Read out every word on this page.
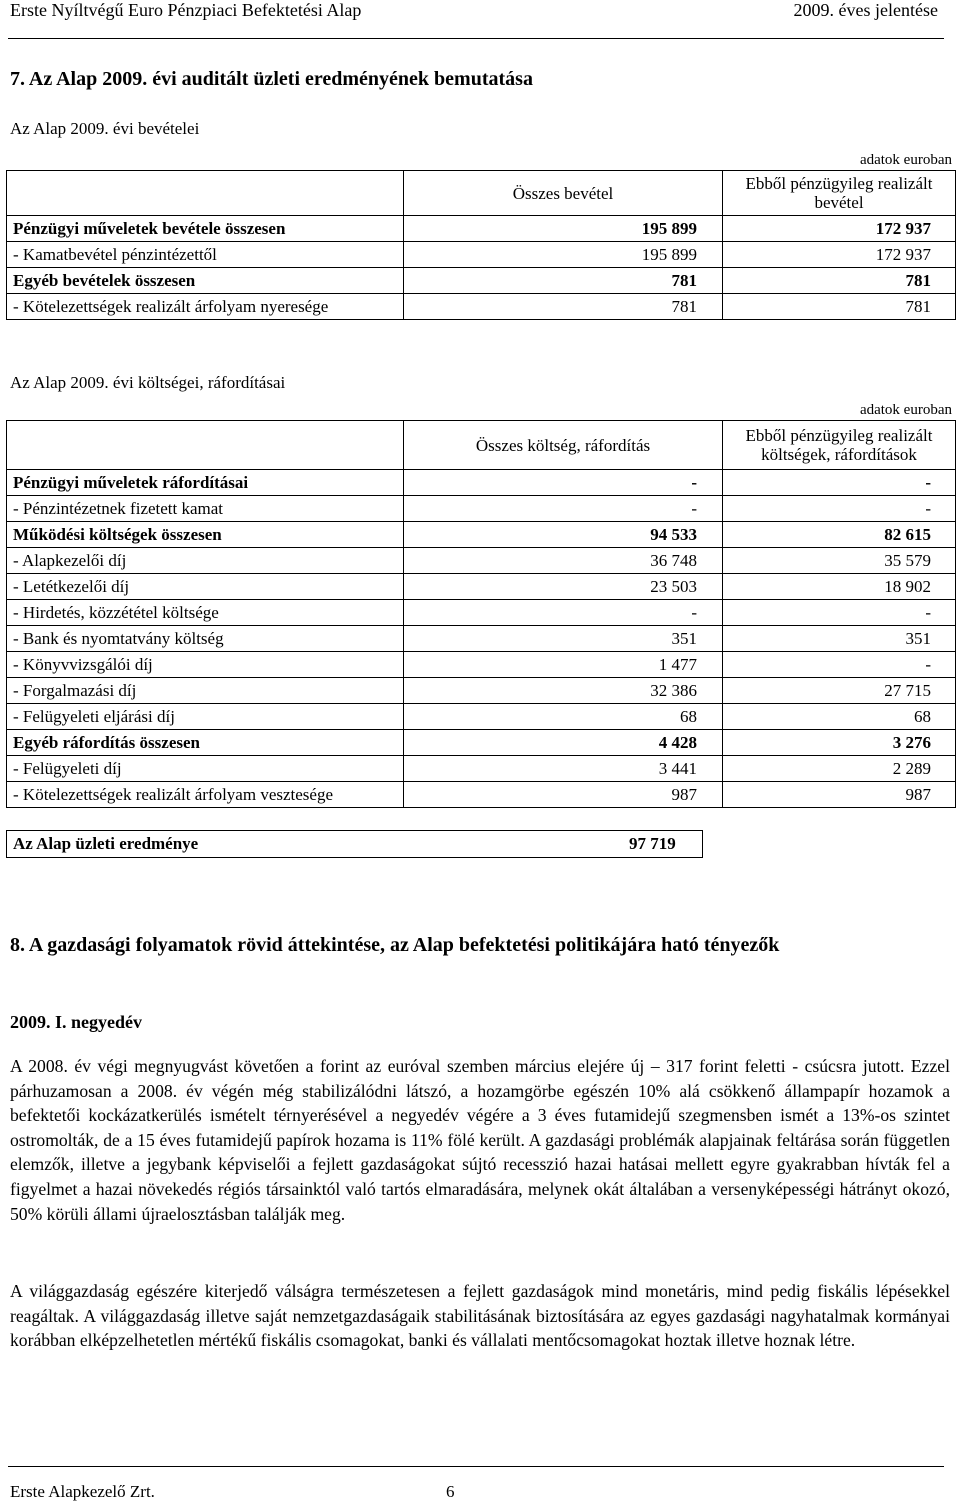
Erste Nyíltvégű Euro Pénzpiaci Befektetési Alap	2009. éves jelentése
7. Az Alap 2009. évi auditált üzleti eredményének bemutatása
Az Alap 2009. évi bevételei
adatok euroban
	Összes bevétel	Ebből pénzügyileg realizált bevétel
Pénzügyi műveletek bevétele összesen	195 899	172 937
- Kamatbevétel pénzintézettől	195 899	172 937
Egyéb bevételek összesen	781	781
- Kötelezettségek realizált árfolyam nyeresége	781	781
Az Alap 2009. évi költségei, ráfordításai
adatok euroban
	Összes költség, ráfordítás	Ebből pénzügyileg realizált költségek, ráfordítások
Pénzügyi műveletek ráfordításai	-	-
- Pénzintézetnek fizetett kamat	-	-
Működési költségek összesen	94 533	82 615
- Alapkezelői díj	36 748	35 579
- Letétkezelői díj	23 503	18 902
- Hirdetés, közzététel költsége	-	-
- Bank és nyomtatvány költség	351	351
- Könyvvizsgálói díj	1 477	-
- Forgalmazási díj	32 386	27 715
- Felügyeleti eljárási díj	68	68
Egyéb ráfordítás összesen	4 428	3 276
- Felügyeleti díj	3 441	2 289
- Kötelezettségek realizált árfolyam vesztesége	987	987
Az Alap üzleti eredménye	97 719
8. A gazdasági folyamatok rövid áttekintése, az Alap befektetési politikájára ható tényezők
2009. I. negyedév
A 2008. év végi megnyugvást követően a forint az euróval szemben március elejére új – 317 forint feletti - csúcsra jutott. Ezzel párhuzamosan a 2008. év végén még stabilizálódni látszó, a hozamgörbe egészén 10% alá csökkenő állampapír hozamok a befektetői kockázatkerülés ismételt térnyerésével a negyedév végére a 3 éves futamidejű szegmensben ismét a 13%-os szintet ostromolták, de a 15 éves futamidejű papírok hozama is 11% fölé került. A gazdasági problémák alapjainak feltárása során független elemzők, illetve a jegybank képviselői a fejlett gazdaságokat sújtó recesszió hazai hatásai mellett egyre gyakrabban hívták fel a figyelmet a hazai növekedés régiós társainktól való tartós elmaradására, melynek okát általában a versenyképességi hátrányt okozó, 50% körüli állami újraelosztásban találják meg.
A világgazdaság egészére kiterjedő válságra természetesen a fejlett gazdaságok mind monetáris, mind pedig fiskális lépésekkel reagáltak. A világgazdaság illetve saját nemzetgazdaságaik stabilitásának biztosítására az egyes gazdasági nagyhatalmak kormányai korábban elképzelhetetlen mértékű fiskális csomagokat, banki és vállalati mentőcsomagokat hoztak illetve hoznak létre.
Erste Alapkezelő Zrt.	6
